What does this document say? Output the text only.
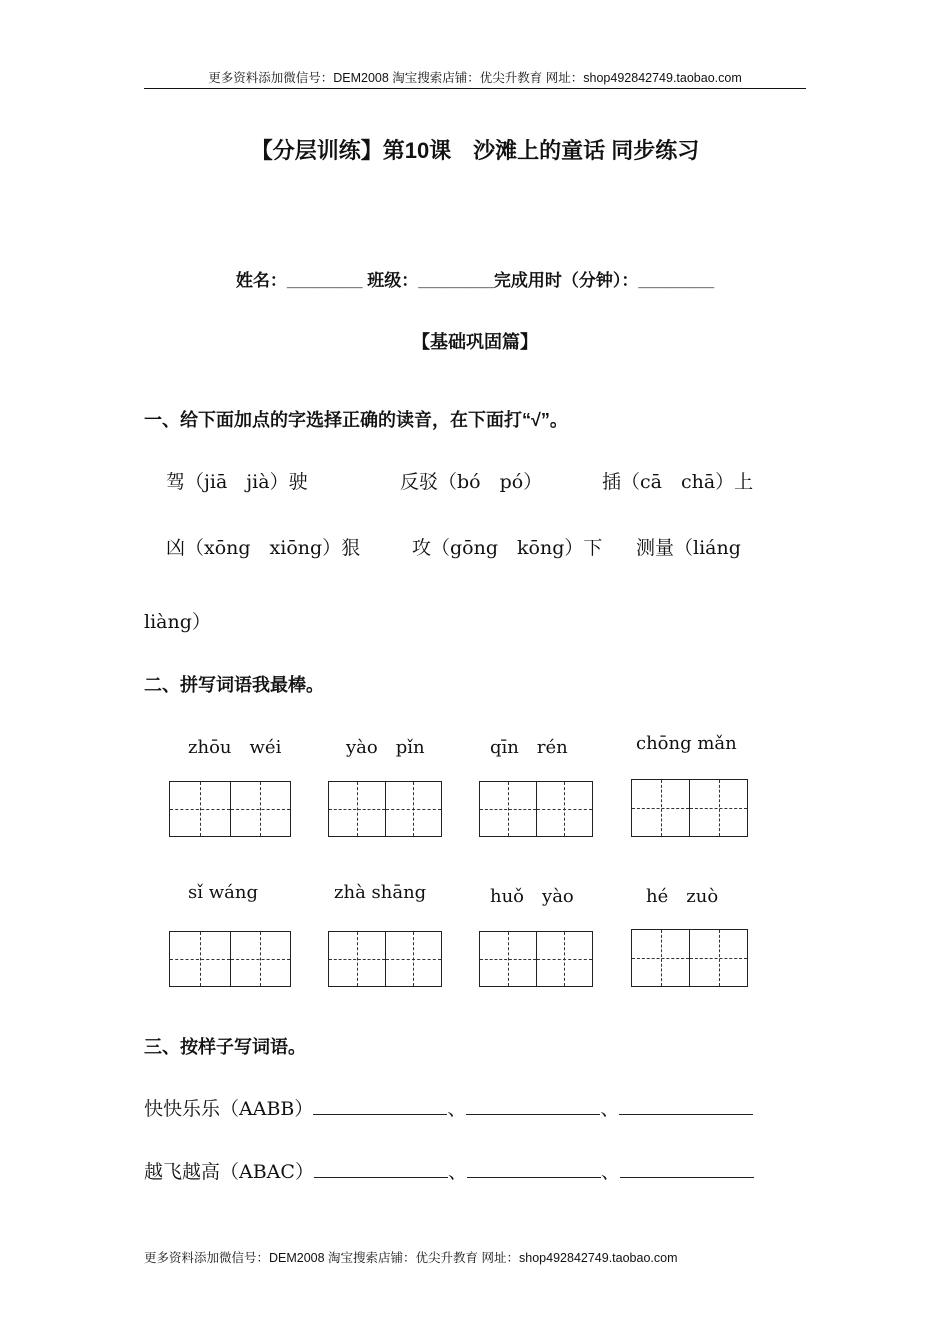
更多资料添加微信号：DEM2008 淘宝搜索店铺：优尖升教育 网址：shop492842749.taobao.com
【分层训练】第10课　沙滩上的童话 同步练习
姓名：________ 班级：________完成用时（分钟）：________
【基础巩固篇】
一、给下面加点的字选择正确的读音，在下面打“√”。
驾（jiā　jià）驶	反驳（bó　pó）	插（cā　chā）上
凶（xōng　xiōng）狠	攻（gōng　kōng）下 测量（liáng
liàng）
二、拼写词语我最棒。
zhōu　wéi	yào　pǐn	qīn　rén	chōng mǎn
sǐ wáng	zhà shāng	huǒ　yào	hé　zuò
三、按样子写词语。
快快乐乐（AABB）	、	、
越飞越高（ABAC）	、	、
更多资料添加微信号：DEM2008 淘宝搜索店铺：优尖升教育 网址：shop492842749.taobao.com
